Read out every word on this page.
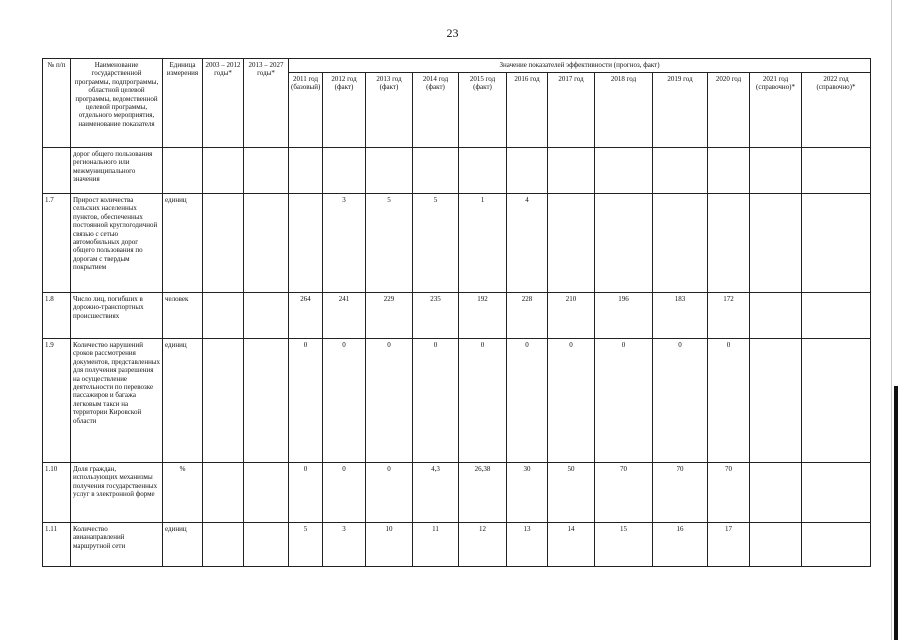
23
№ п/п	Наименование государственной программы, подпрограммы, областной целевой программы, ведомственной целевой программы, отдельного мероприятия, наименование показателя	Единица измерения	2003 – 2012 годы*	2013 – 2027 годы*	Значение показателей эффективности (прогноз, факт)											
					2011 год (базовый)	2012 год (факт)	2013 год (факт)	2014 год (факт)	2015 год (факт)	2016 год	2017 год	2018 год	2019 год	2020 год	2021 год (справочно)*	2022 год (справочно)*
	дорог общего пользования регионального или межмуниципального значения															
1.7	Прирост количества сельских населенных пунктов, обеспеченных постоянной круглогодичной связью с сетью автомобильных дорог общего пользования по дорогам с твердым покрытием	единиц				3	5	5	1	4						
1.8	Число лиц, погибших в дорожно-транспортных происшествиях	человек			264	241	229	235	192	228	210	196	183	172		
1.9	Количество нарушений сроков рассмотрения документов, представленных для получения разрешения на осуществление деятельности по перевозке пассажиров и багажа легковым такси на территории Кировской области	единиц			0	0	0	0	0	0	0	0	0	0		
1.10	Доля граждан, использующих механизмы получения государственных услуг в электронной форме	%			0	0	0	4,3	26,38	30	50	70	70	70		
1.11	Количество авианаправлений маршрутной сети	единиц			5	3	10	11	12	13	14	15	16	17		
